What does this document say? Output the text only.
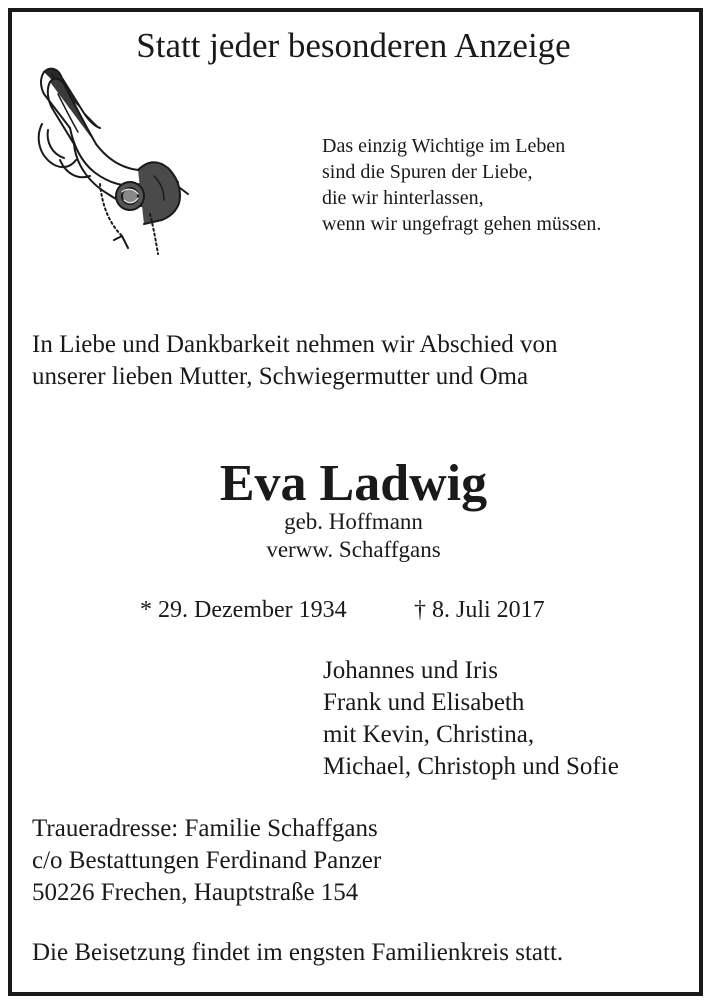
Statt jeder besonderen Anzeige
Das einzig Wichtige im Leben
sind die Spuren der Liebe,
die wir hinterlassen,
wenn wir ungefragt gehen müssen.
In Liebe und Dankbarkeit nehmen wir Abschied von
unserer lieben Mutter, Schwiegermutter und Oma
Eva Ladwig
geb. Hoffmann
verww. Schaffgans
* 29. Dezember 1934	† 8. Juli 2017
Johannes und Iris
Frank und Elisabeth
mit Kevin, Christina,
Michael, Christoph und Sofie
Traueradresse: Familie Schaffgans
c/o Bestattungen Ferdinand Panzer
50226 Frechen, Hauptstraße 154
Die Beisetzung findet im engsten Familienkreis statt.
